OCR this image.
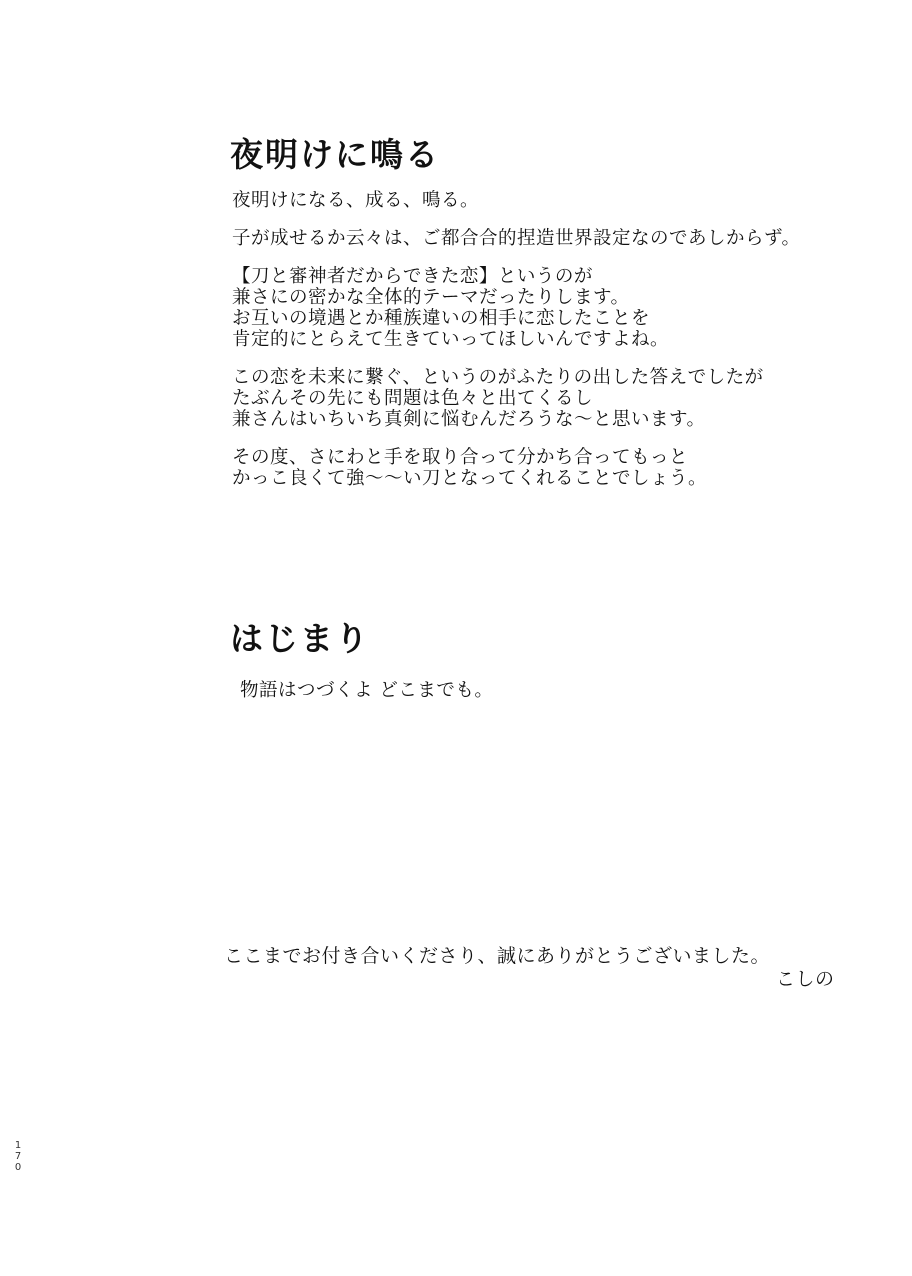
夜明けに鳴る
夜明けになる、成る、鳴る。
子が成せるか云々は、ご都合合的捏造世界設定なのであしからず。
【刀と審神者だからできた恋】というのが
兼さにの密かな全体的テーマだったりします。
お互いの境遇とか種族違いの相手に恋したことを
肯定的にとらえて生きていってほしいんですよね。
この恋を未来に繋ぐ、というのがふたりの出した答えでしたが
たぶんその先にも問題は色々と出てくるし
兼さんはいちいち真剣に悩むんだろうな～と思います。
その度、さにわと手を取り合って分かち合ってもっと
かっこ良くて強～～い刀となってくれることでしょう。
はじまり
物語はつづくよ どこまでも。
ここまでお付き合いくださり、誠にありがとうございました。
こしの
1
7
0
